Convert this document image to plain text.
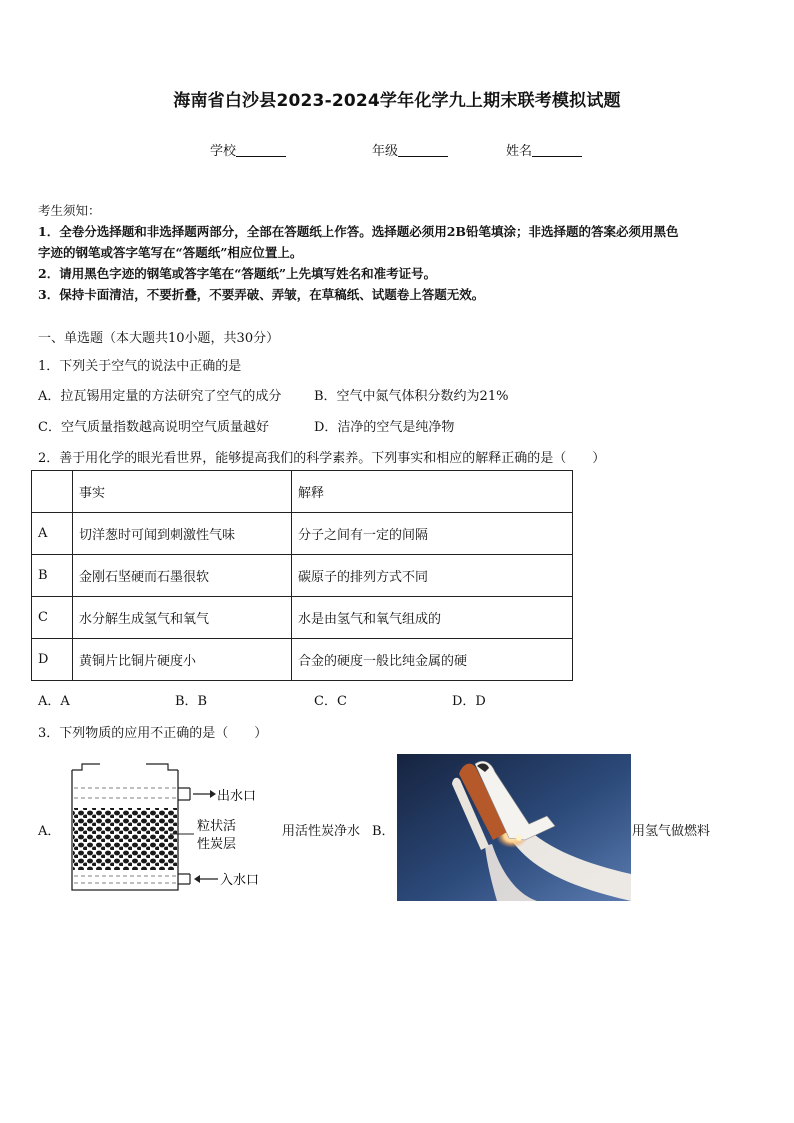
海南省白沙县2023-2024学年化学九上期末联考模拟试题
学校	年级	姓名
考生须知：
1．全卷分选择题和非选择题两部分，全部在答题纸上作答。选择题必须用2B铅笔填涂；非选择题的答案必须用黑色
字迹的钢笔或答字笔写在“答题纸”相应位置上。
2．请用黑色字迹的钢笔或答字笔在“答题纸”上先填写姓名和准考证号。
3．保持卡面清洁，不要折叠，不要弄破、弄皱，在草稿纸、试题卷上答题无效。
一、单选题（本大题共10小题，共30分）
1．下列关于空气的说法中正确的是
A．拉瓦锡用定量的方法研究了空气的成分	B．空气中氮气体积分数约为21%
C．空气质量指数越高说明空气质量越好	D．洁净的空气是纯净物
2．善于用化学的眼光看世界，能够提高我们的科学素养。下列事实和相应的解释正确的是（　　）
	事实	解释
A	切洋葱时可闻到刺激性气味	分子之间有一定的间隔
B	金刚石坚硬而石墨很软	碳原子的排列方式不同
C	水分解生成氢气和氧气	水是由氢气和氧气组成的
D	黄铜片比铜片硬度小	合金的硬度一般比纯金属的硬
A．A	B．B	C．C	D．D
3．下列物质的应用不正确的是（　　）
A．
出水口
粒状活
性炭层
入水口
用活性炭净水 B．	用氢气做燃料
